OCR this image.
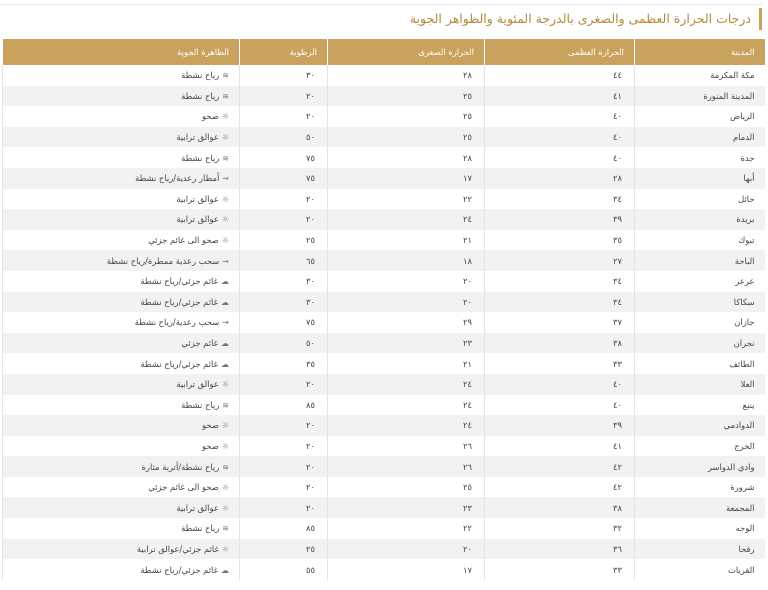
درجات الحرارة العظمى والصغرى بالدرجة المئوية والظواهر الجوية
المدينة	الحرارة العظمى	الحرارة الصغرى	الرطوبة	الظاهرة الجوية
مكة المكرمة	٤٤	٢٨	٣٠	≋رياح نشطة
المدينة المنورة	٤١	٢٥	٢٠	≋رياح نشطة
الرياض	٤٠	٢٥	٢٠	☼صحو
الدمام	٤٠	٢٥	٥٠	☼عوالق ترابية
جدة	٤٠	٢٨	٧٥	≋رياح نشطة
أبها	٢٨	١٧	٧٥	⇝أمطار رعدية/رياح نشطة
حائل	٣٤	٢٢	٢٠	☼عوالق ترابية
بريدة	٣٩	٢٤	٢٠	☼عوالق ترابية
تبوك	٣٥	٢١	٢٥	☼صحو الى غائم جزئي
الباحة	٢٧	١٨	٦٥	⇝سحب رعدية ممطرة/رياح نشطة
عرعر	٣٤	٢٠	٣٠	☁غائم جزئي/رياح نشطة
سكاكا	٣٤	٢٠	٣٠	☁غائم جزئي/رياح نشطة
جازان	٣٧	٢٩	٧٥	⇝سحب رعدية/رياح نشطة
نجران	٣٨	٢٣	٥٠	☁غائم جزئي
الطائف	٣٣	٢١	٣٥	☁غائم جزئي/رياح نشطة
العلا	٤٠	٢٤	٢٠	☼عوالق ترابية
ينبع	٤٠	٢٤	٨٥	≋رياح نشطة
الدوادمي	٣٩	٢٤	٢٠	☼صحو
الخرج	٤١	٢٦	٢٠	☼صحو
وادي الدواسر	٤٢	٢٦	٢٠	≋رياح نشطة/أتربة مثارة
شرورة	٤٢	٢٥	٢٠	☼صحو الى غائم جزئي
المجمعة	٣٨	٢٣	٢٠	☼عوالق ترابية
الوجه	٣٢	٢٢	٨٥	≋رياح نشطة
رفحا	٣٦	٢٠	٢٥	☼غائم جزئي/عوالق ترابية
القريات	٣٣	١٧	٥٥	☁غائم جزئي/رياح نشطة
